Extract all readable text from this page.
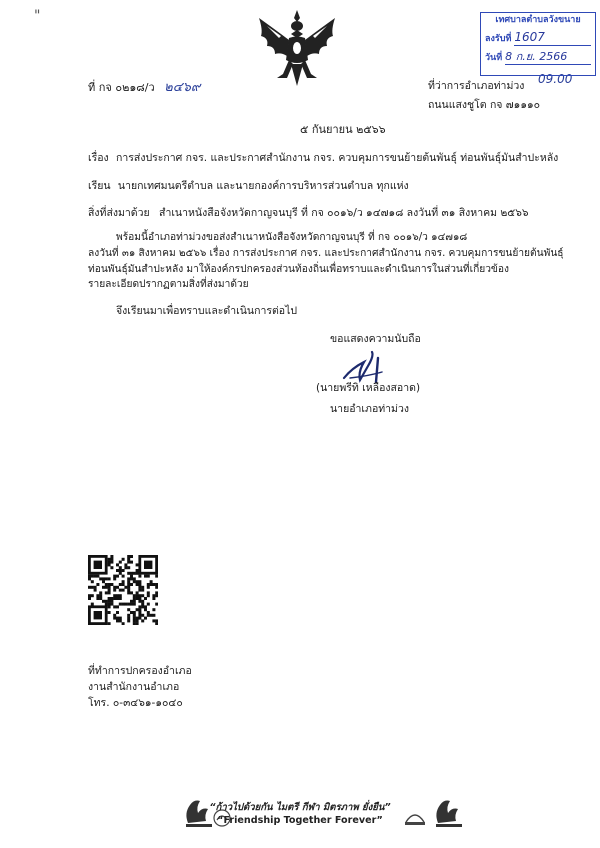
"
ที่ กจ ๐๒๑๘/ว ๒๔๖๙	ที่ว่าการอำเภอท่าม่วง 09.00
ถนนแสงชูโต กจ ๗๑๑๑๐
เทศบาลตำบลวังขนาย
ลงรับที่ 1607
วันที่ 8 ก.ย. 2566
๕ กันยายน ๒๕๖๖
เรื่อง การส่งประกาศ กจร. และประกาศสำนักงาน กจร. ควบคุมการขนย้ายต้นพันธุ์ ท่อนพันธุ์มันสำปะหลัง
เรียน นายกเทศมนตรีตำบล และนายกองค์การบริหารส่วนตำบล ทุกแห่ง
สิ่งที่ส่งมาด้วย สำเนาหนังสือจังหวัดกาญจนบุรี ที่ กจ ๐๐๑๖/ว ๑๔๗๑๘ ลงวันที่ ๓๑ สิงหาคม ๒๕๖๖
พร้อมนี้อำเภอท่าม่วงขอส่งสำเนาหนังสือจังหวัดกาญจนบุรี ที่ กจ ๐๐๑๖/ว ๑๔๗๑๘
ลงวันที่ ๓๑ สิงหาคม ๒๕๖๖ เรื่อง การส่งประกาศ กจร. และประกาศสำนักงาน กจร. ควบคุมการขนย้ายต้นพันธุ์
ท่อนพันธุ์มันสำปะหลัง มาให้องค์กรปกครองส่วนท้องถิ่นเพื่อทราบและดำเนินการในส่วนที่เกี่ยวข้อง
รายละเอียดปรากฏตามสิ่งที่ส่งมาด้วย
จึงเรียนมาเพื่อทราบและดำเนินการต่อไป
ขอแสดงความนับถือ
(นายพรีทิ เหลืองสอาด)
นายอำเภอท่าม่วง
ที่ทำการปกครองอำเภอ
งานสำนักงานอำเภอ
โทร. ๐-๓๔๖๑-๑๐๔๐
“ก้าวไปด้วยกัน ไมตรี กีฬา มิตรภาพ ยั่งยืน”
“Friendship Together Forever”
